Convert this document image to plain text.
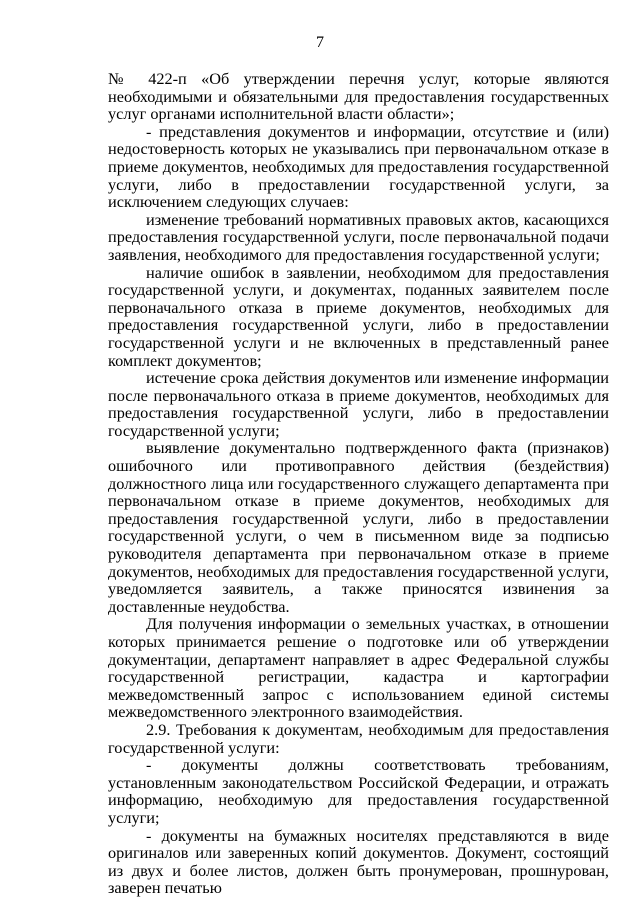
7

№ 422-п «Об утверждении перечня услуг, которые являются необходимыми и обязательными для предоставления государственных услуг органами исполнительной власти области»;

- представления документов и информации, отсутствие и (или) недостоверность которых не указывались при первоначальном отказе в приеме документов, необходимых для предоставления государственной услуги, либо в предоставлении государственной услуги, за исключением следующих случаев:

изменение требований нормативных правовых актов, касающихся предоставления государственной услуги, после первоначальной подачи заявления, необходимого для предоставления государственной услуги;

наличие ошибок в заявлении, необходимом для предоставления государственной услуги, и документах, поданных заявителем после первоначального отказа в приеме документов, необходимых для предоставления государственной услуги, либо в предоставлении государственной услуги и не включенных в представленный ранее комплект документов;

истечение срока действия документов или изменение информации после первоначального отказа в приеме документов, необходимых для предоставления государственной услуги, либо в предоставлении государственной услуги;

выявление документально подтвержденного факта (признаков) ошибочного или противоправного действия (бездействия) должностного лица или государственного служащего департамента при первоначальном отказе в приеме документов, необходимых для предоставления государственной услуги, либо в предоставлении государственной услуги, о чем в письменном виде за подписью руководителя департамента при первоначальном отказе в приеме документов, необходимых для предоставления государственной услуги, уведомляется заявитель, а также приносятся извинения за доставленные неудобства.

Для получения информации о земельных участках, в отношении которых принимается решение о подготовке или об утверждении документации, департамент направляет в адрес Федеральной службы государственной регистрации, кадастра и картографии межведомственный запрос с использованием единой системы межведомственного электронного взаимодействия.

2.9. Требования к документам, необходимым для предоставления государственной услуги:

- документы должны соответствовать требованиям, установленным законодательством Российской Федерации, и отражать информацию, необходимую для предоставления государственной услуги;

- документы на бумажных носителях представляются в виде оригиналов или заверенных копий документов. Документ, состоящий из двух и более листов, должен быть пронумерован, прошнурован, заверен печатью
